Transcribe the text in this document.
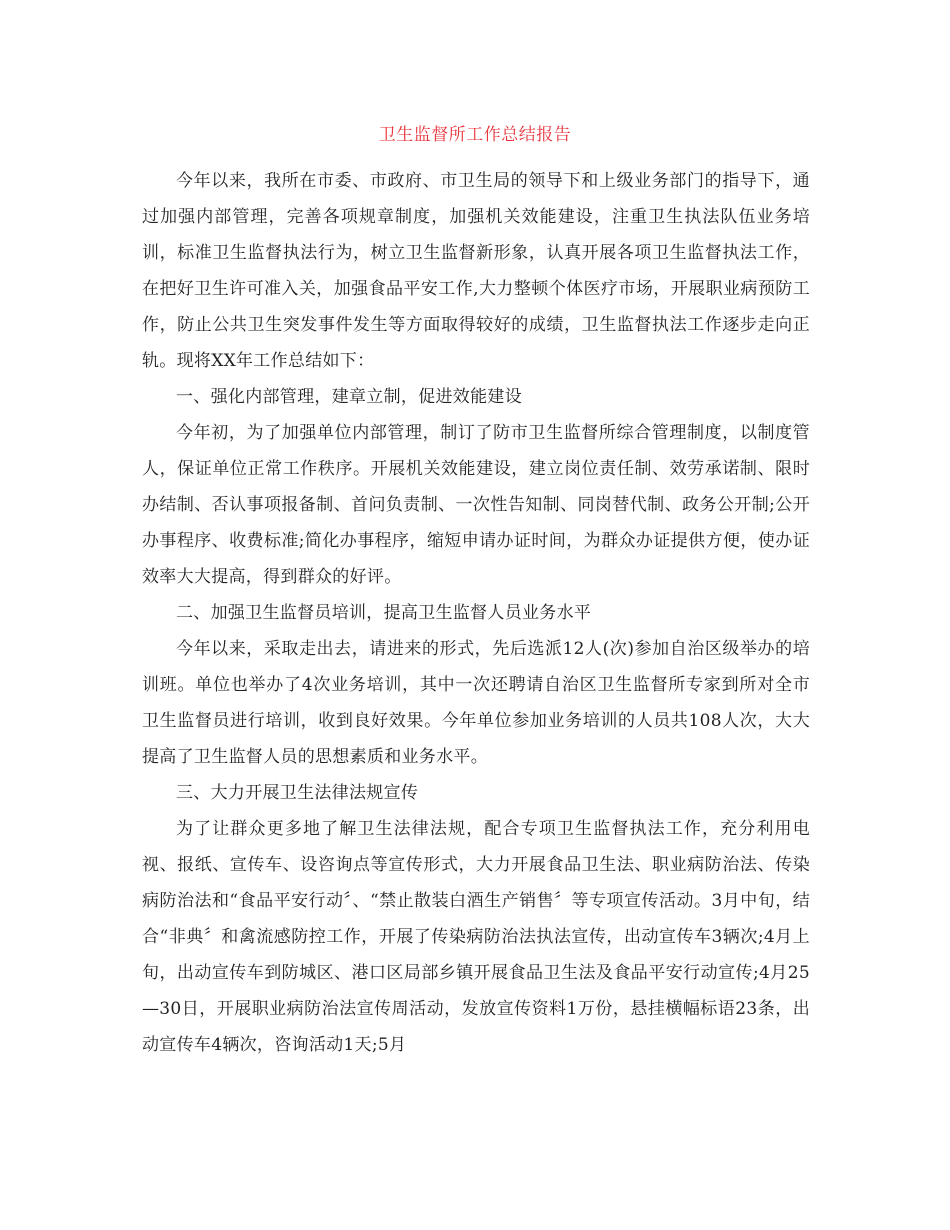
卫生监督所工作总结报告

今年以来，我所在市委、市政府、市卫生局的领导下和上级业务部门的指导下，通过加强内部管理，完善各项规章制度，加强机关效能建设，注重卫生执法队伍业务培训，标准卫生监督执法行为，树立卫生监督新形象，认真开展各项卫生监督执法工作，在把好卫生许可准入关，加强食品平安工作,大力整顿个体医疗市场，开展职业病预防工作，防止公共卫生突发事件发生等方面取得较好的成绩，卫生监督执法工作逐步走向正轨。现将XX年工作总结如下：

一、强化内部管理，建章立制，促进效能建设

今年初，为了加强单位内部管理，制订了防市卫生监督所综合管理制度，以制度管人，保证单位正常工作秩序。开展机关效能建设，建立岗位责任制、效劳承诺制、限时办结制、否认事项报备制、首问负责制、一次性告知制、同岗替代制、政务公开制;公开办事程序、收费标准;简化办事程序，缩短申请办证时间，为群众办证提供方便，使办证效率大大提高，得到群众的好评。

二、加强卫生监督员培训，提高卫生监督人员业务水平

今年以来，采取走出去，请进来的形式，先后选派12人(次)参加自治区级举办的培训班。单位也举办了4次业务培训，其中一次还聘请自治区卫生监督所专家到所对全市卫生监督员进行培训，收到良好效果。今年单位参加业务培训的人员共108人次，大大提高了卫生监督人员的思想素质和业务水平。

三、大力开展卫生法律法规宣传

为了让群众更多地了解卫生法律法规，配合专项卫生监督执法工作，充分利用电视、报纸、宣传车、设咨询点等宣传形式，大力开展食品卫生法、职业病防治法、传染病防治法和“食品平安行动〞、“禁止散装白酒生产销售〞等专项宣传活动。3月中旬，结合“非典〞和禽流感防控工作，开展了传染病防治法执法宣传，出动宣传车3辆次;4月上旬，出动宣传车到防城区、港口区局部乡镇开展食品卫生法及食品平安行动宣传;4月25—30日，开展职业病防治法宣传周活动，发放宣传资料1万份，悬挂横幅标语23条，出动宣传车4辆次，咨询活动1天;5月
